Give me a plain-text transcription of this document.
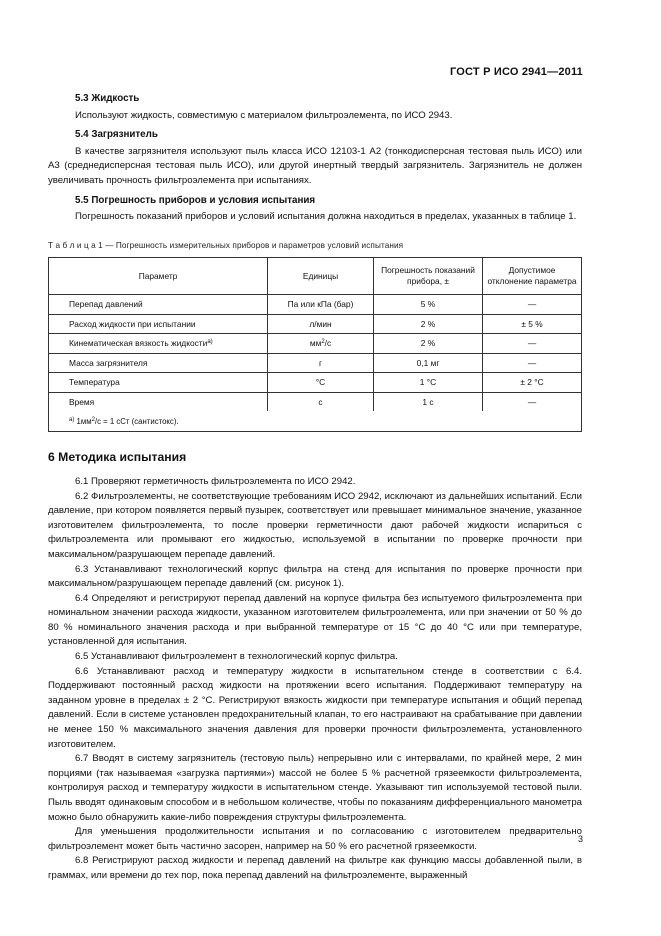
ГОСТ Р ИСО 2941—2011
5.3 Жидкость
Используют жидкость, совместимую с материалом фильтроэлемента, по ИСО 2943.
5.4 Загрязнитель
В качестве загрязнителя используют пыль класса ИСО 12103-1 A2 (тонкодисперсная тестовая пыль ИСО) или A3 (среднедисперсная тестовая пыль ИСО), или другой инертный твердый загрязнитель. Загрязнитель не должен увеличивать прочность фильтроэлемента при испытаниях.
5.5 Погрешность приборов и условия испытания
Погрешность показаний приборов и условий испытания должна находиться в пределах, указанных в таблице 1.
Т а б л и ц а 1 — Погрешность измерительных приборов и параметров условий испытания
Параметр	Единицы	Погрешность показаний прибора, ±	Допустимое отклонение параметра
Перепад давлений	Па или кПа (бар)	5 %	—
Расход жидкости при испытании	л/мин	2 %	± 5 %
Кинематическая вязкость жидкости$^{а)}$	$мм^2/с$	2 %	—
Масса загрязнителя	г	0,1 мг	—
Температура	°С	1 °С	± 2 °С
Время	с	1 с	—
$^{а)}$ $1мм^2/с = 1$ сСт (сантистокс).			
6 Методика испытания
6.1 Проверяют герметичность фильтроэлемента по ИСО 2942.
6.2 Фильтроэлементы, не соответствующие требованиям ИСО 2942, исключают из дальнейших испытаний. Если давление, при котором появляется первый пузырек, соответствует или превышает минимальное значение, указанное изготовителем фильтроэлемента, то после проверки герметичности дают рабочей жидкости испариться с фильтроэлемента или промывают его жидкостью, используемой в испытании по проверке прочности при максимальном/разрушающем перепаде давлений.
6.3 Устанавливают технологический корпус фильтра на стенд для испытания по проверке прочности при максимальном/разрушающем перепаде давлений (см. рисунок 1).
6.4 Определяют и регистрируют перепад давлений на корпусе фильтра без испытуемого фильтроэлемента при номинальном значении расхода жидкости, указанном изготовителем фильтроэлемента, или при значении от 50 % до 80 % номинального значения расхода и при выбранной температуре от 15 °С до 40 °С или при температуре, установленной для испытания.
6.5 Устанавливают фильтроэлемент в технологический корпус фильтра.
6.6 Устанавливают расход и температуру жидкости в испытательном стенде в соответствии с 6.4. Поддерживают постоянный расход жидкости на протяжении всего испытания. Поддерживают температуру на заданном уровне в пределах ± 2 °С. Регистрируют вязкость жидкости при температуре испытания и общий перепад давлений. Если в системе установлен предохранительный клапан, то его настраивают на срабатывание при давлении не менее 150 % максимального значения давления для проверки прочности фильтроэлемента, установленного изготовителем.
6.7 Вводят в систему загрязнитель (тестовую пыль) непрерывно или с интервалами, по крайней мере, 2 мин порциями (так называемая «загрузка партиями») массой не более 5 % расчетной грязеемкости фильтроэлемента, контролируя расход и температуру жидкости в испытательном стенде. Указывают тип используемой тестовой пыли. Пыль вводят одинаковым способом и в небольшом количестве, чтобы по показаниям дифференциального манометра можно было обнаружить какие-либо повреждения структуры фильтроэлемента.
Для уменьшения продолжительности испытания и по согласованию с изготовителем предварительно фильтроэлемент может быть частично засорен, например на 50 % его расчетной грязеемкости.
6.8 Регистрируют расход жидкости и перепад давлений на фильтре как функцию массы добавленной пыли, в граммах, или времени до тех пор, пока перепад давлений на фильтроэлементе, выраженный
3
